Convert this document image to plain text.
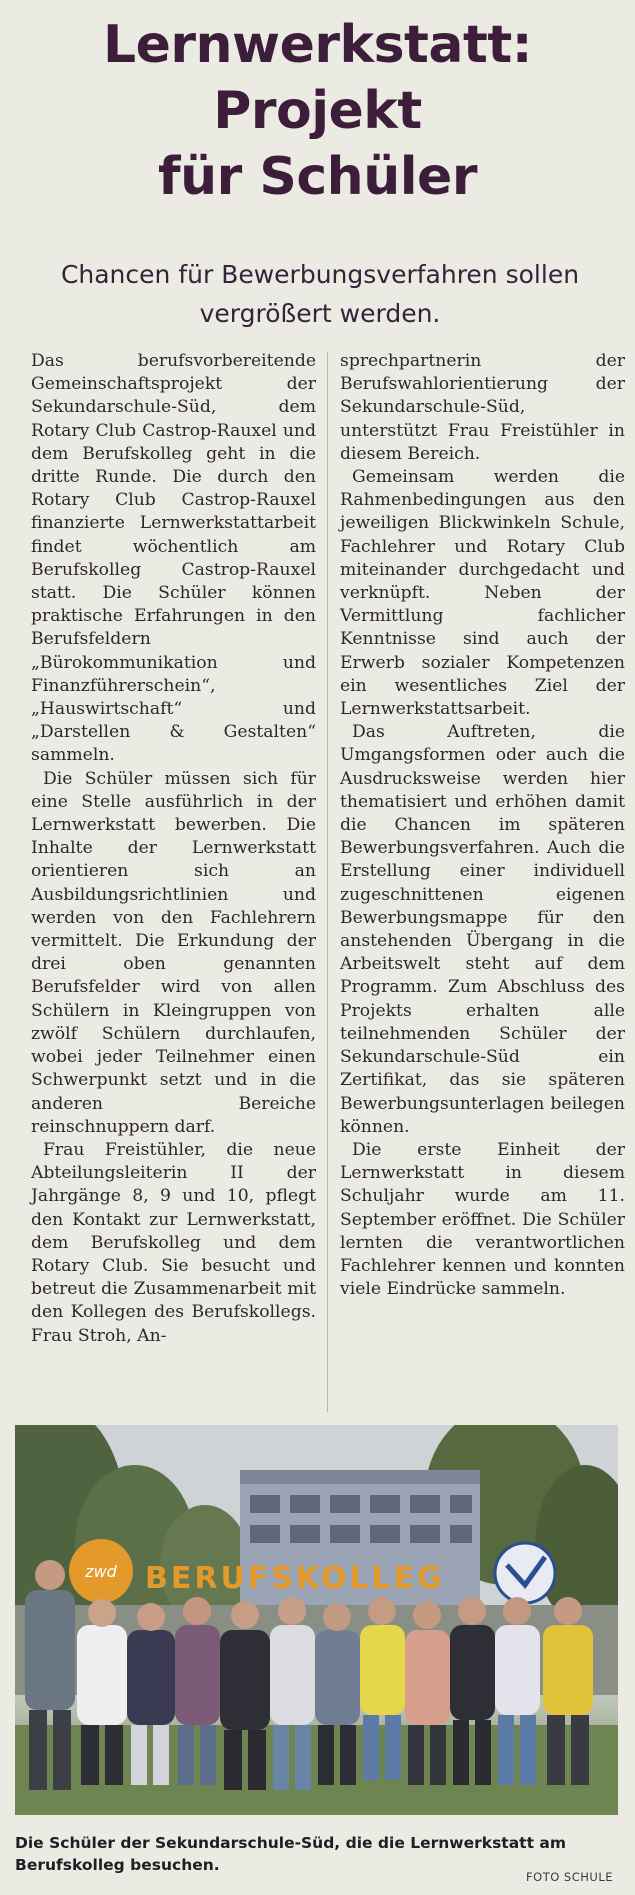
Lernwerkstatt:
Projekt
für Schüler
Chancen für Bewerbungsverfahren sollen vergrößert werden.

Das berufsvorbereitende Gemeinschaftsprojekt der Sekundarschule-Süd, dem Rotary Club Castrop-Rauxel und dem Berufskolleg geht in die dritte Runde. Die durch den Rotary Club Castrop-Rauxel finanzierte Lernwerkstattarbeit findet wöchentlich am Berufskolleg Castrop-Rauxel statt. Die Schüler können praktische Erfahrungen in den Berufsfeldern „Bürokommunikation und Finanzführerschein“, „Hauswirtschaft“ und „Darstellen & Gestalten“ sammeln.

Die Schüler müssen sich für eine Stelle ausführlich in der Lernwerkstatt bewerben. Die Inhalte der Lernwerkstatt orientieren sich an Ausbildungsrichtlinien und werden von den Fachlehrern vermittelt. Die Erkundung der drei oben genannten Berufsfelder wird von allen Schülern in Kleingruppen von zwölf Schülern durchlaufen, wobei jeder Teilnehmer einen Schwerpunkt setzt und in die anderen Bereiche reinschnuppern darf.

Frau Freistühler, die neue Abteilungsleiterin II der Jahrgänge 8, 9 und 10, pflegt den Kontakt zur Lernwerkstatt, dem Berufskolleg und dem Rotary Club. Sie besucht und betreut die Zusammenarbeit mit den Kollegen des Berufskollegs. Frau Stroh, An-

sprechpartnerin der Berufswahlorientierung der Sekundarschule-Süd, unterstützt Frau Freistühler in diesem Bereich.

Gemeinsam werden die Rahmenbedingungen aus den jeweiligen Blickwinkeln Schule, Fachlehrer und Rotary Club miteinander durchgedacht und verknüpft. Neben der Vermittlung fachlicher Kenntnisse sind auch der Erwerb sozialer Kompetenzen ein wesentliches Ziel der Lernwerkstattsarbeit.

Das Auftreten, die Umgangsformen oder auch die Ausdrucksweise werden hier thematisiert und erhöhen damit die Chancen im späteren Bewerbungsverfahren. Auch die Erstellung einer individuell zugeschnittenen eigenen Bewerbungsmappe für den anstehenden Übergang in die Arbeitswelt steht auf dem Programm. Zum Abschluss des Projekts erhalten alle teilnehmenden Schüler der Sekundarschule-Süd ein Zertifikat, das sie späteren Bewerbungsunterlagen beilegen können.

Die erste Einheit der Lernwerkstatt in diesem Schuljahr wurde am 11. September eröffnet. Die Schüler lernten die verantwortlichen Fachlehrer kennen und konnten viele Eindrücke sammeln.

zwd BERUFSKOLLEG
Die Schüler der Sekundarschule-Süd, die die Lernwerkstatt am Berufskolleg besuchen.
FOTO SCHULE
